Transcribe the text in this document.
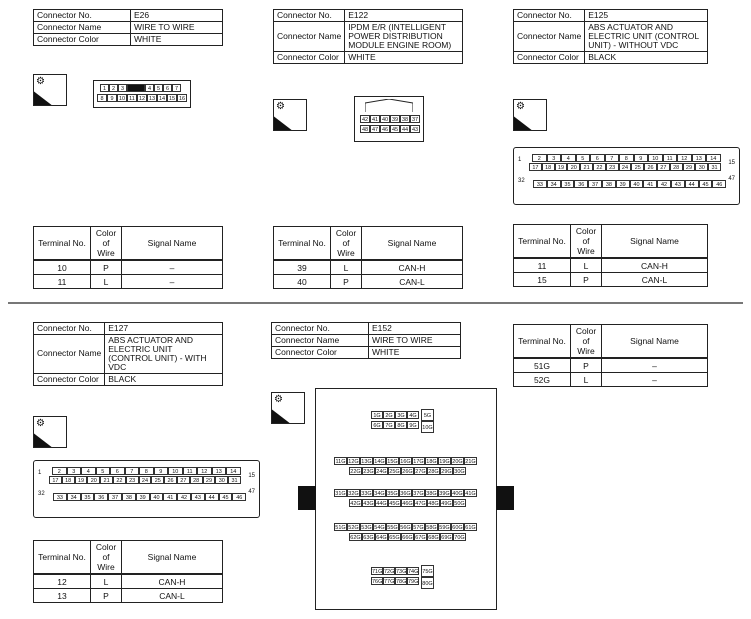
Connector No.	E26
Connector Name	WIRE TO WIRE
Connector Color	WHITE
⚙
H.S.
1	2	3	4	5	6	7
8	9 10 11 12 13 14 15 16
Terminal No.	Color of Wire	Signal Name
10	P	–
11	L	–
Connector No.	E122
Connector Name	IPDM E/R (INTELLIGENT POWER DISTRIBUTION MODULE ENGINE ROOM)
Connector Color	WHITE
⚙
H.S.	42 41 40 39 38 37
48 47 46 45 44 43
Terminal No.	Color of Wire	Signal Name
39	L	CAN-H
40	P	CAN-L
Connector No.	E125
Connector Name	ABS ACTUATOR AND ELECTRIC UNIT (CONTROL UNIT) - WITHOUT VDC
Connector Color	BLACK
⚙
H.S.
1
32
15
47
2	3	4	5	6	7	8	9	10	11	12	13	14
17	18	19	20	21	22	23	24	25	26	27	28	29	30	31
33	34	35	36	37	38	39	40	41	42	43	44	45	46
Terminal No.	Color of Wire	Signal Name
11	L	CAN-H
15	P	CAN-L
Connector No.	E127
Connector Name	ABS ACTUATOR AND ELECTRIC UNIT (CONTROL UNIT) - WITH VDC
Connector Color	BLACK
⚙
H.S.
1
32
15
47
2	3	4	5	6	7	8	9	10	11	12	13	14
17	18	19	20	21	22	23	24	25	26	27	28	29	30	31
33	34	35	36	37	38	39	40	41	42	43	44	45	46
Terminal No.	Color of Wire	Signal Name
12	L	CAN-H
13	P	CAN-L
Connector No.	E152
Connector Name	WIRE TO WIRE
Connector Color	WHITE
⚙
H.S.	1G 2G 3G 4G
6G 7G 8G 9G
5G
10G
11G 12G 13G 14G 15G 16G 17G 18G 19G 20G 21G
22G 23G 24G 25G 26G 27G 28G 29G 30G
31G 32G 33G 34G 35G 36G 37G 38G 39G 40G 41G
42G 43G 44G 45G 46G 47G 48G 49G 50G
51G 52G 53G 54G 55G 56G 57G 58G 59G 60G 61G
62G 63G 64G 65G 66G 67G 68G 69G 70G
71G 72G 73G 74G
76G 77G 78G 79G
75G
80G
Terminal No.	Color of Wire	Signal Name
51G	P	–
52G	L	–
